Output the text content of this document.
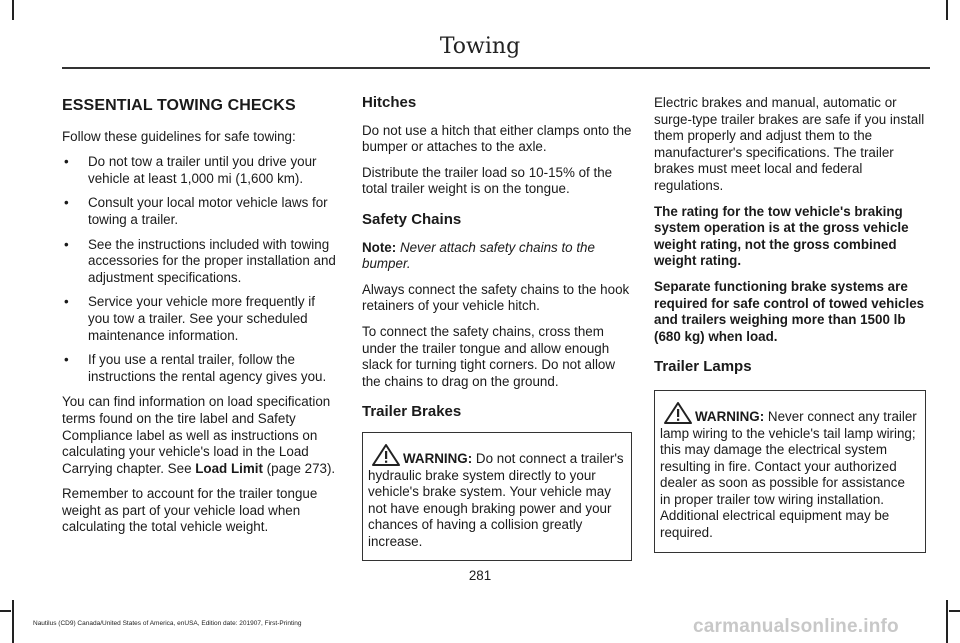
Towing
ESSENTIAL TOWING CHECKS

Follow these guidelines for safe towing:

• Do not tow a trailer until you drive your vehicle at least 1,000 mi (1,600 km).
• Consult your local motor vehicle laws for towing a trailer.
• See the instructions included with towing accessories for the proper installation and adjustment specifications.
• Service your vehicle more frequently if you tow a trailer. See your scheduled maintenance information.
• If you use a rental trailer, follow the instructions the rental agency gives you.

You can find information on load specification terms found on the tire label and Safety Compliance label as well as instructions on calculating your vehicle's load in the Load Carrying chapter. See Load Limit (page 273).

Remember to account for the trailer tongue weight as part of your vehicle load when calculating the total vehicle weight.

Hitches

Do not use a hitch that either clamps onto the bumper or attaches to the axle.

Distribute the trailer load so 10-15% of the total trailer weight is on the tongue.

Safety Chains

Note: Never attach safety chains to the bumper.

Always connect the safety chains to the hook retainers of your vehicle hitch.

To connect the safety chains, cross them under the trailer tongue and allow enough slack for turning tight corners. Do not allow the chains to drag on the ground.

Trailer Brakes
WARNING: Do not connect a trailer's hydraulic brake system directly to your vehicle's brake system. Your vehicle may not have enough braking power and your chances of having a collision greatly increase.

Electric brakes and manual, automatic or surge-type trailer brakes are safe if you install them properly and adjust them to the manufacturer's specifications. The trailer brakes must meet local and federal regulations.

The rating for the tow vehicle's braking system operation is at the gross vehicle weight rating, not the gross combined weight rating.

Separate functioning brake systems are required for safe control of towed vehicles and trailers weighing more than 1500 lb (680 kg) when load.

Trailer Lamps
WARNING: Never connect any trailer lamp wiring to the vehicle's tail lamp wiring; this may damage the electrical system resulting in fire. Contact your authorized dealer as soon as possible for assistance in proper trailer tow wiring installation. Additional electrical equipment may be required.
281
Nautilus (CD9) Canada/United States of America, enUSA, Edition date: 201907, First-Printing	carmanualsonline.info
